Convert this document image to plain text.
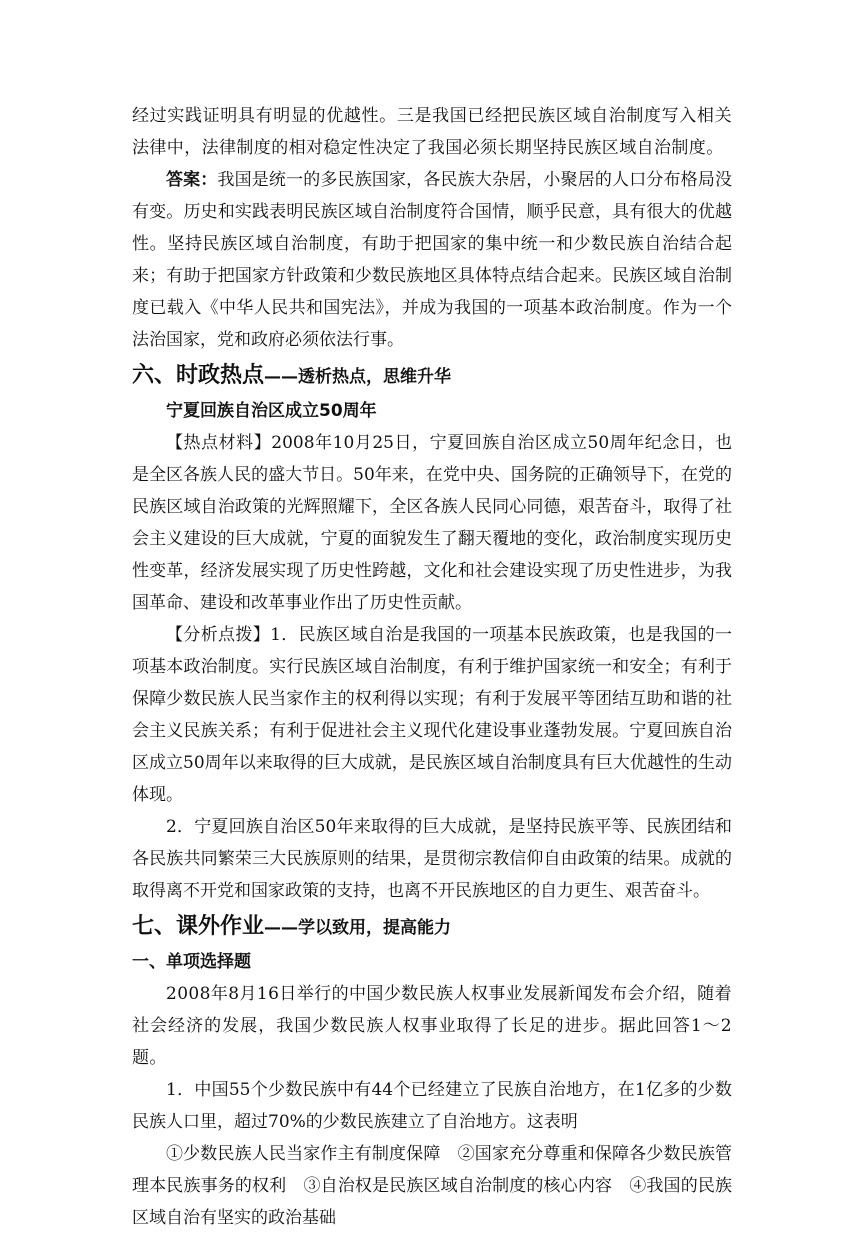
经过实践证明具有明显的优越性。三是我国已经把民族区域自治制度写入相关法律中，法律制度的相对稳定性决定了我国必须长期坚持民族区域自治制度。

答案：我国是统一的多民族国家，各民族大杂居，小聚居的人口分布格局没有变。历史和实践表明民族区域自治制度符合国情，顺乎民意，具有很大的优越性。坚持民族区域自治制度，有助于把国家的集中统一和少数民族自治结合起来；有助于把国家方针政策和少数民族地区具体特点结合起来。民族区域自治制度已载入《中华人民共和国宪法》，并成为我国的一项基本政治制度。作为一个法治国家，党和政府必须依法行事。

六、时政热点——透析热点，思维升华

宁夏回族自治区成立50周年

【热点材料】2008年10月25日，宁夏回族自治区成立50周年纪念日，也是全区各族人民的盛大节日。50年来，在党中央、国务院的正确领导下，在党的民族区域自治政策的光辉照耀下，全区各族人民同心同德，艰苦奋斗，取得了社会主义建设的巨大成就，宁夏的面貌发生了翻天覆地的变化，政治制度实现历史性变革，经济发展实现了历史性跨越，文化和社会建设实现了历史性进步，为我国革命、建设和改革事业作出了历史性贡献。

【分析点拨】1．民族区域自治是我国的一项基本民族政策，也是我国的一项基本政治制度。实行民族区域自治制度，有利于维护国家统一和安全；有利于保障少数民族人民当家作主的权利得以实现；有利于发展平等团结互助和谐的社会主义民族关系；有利于促进社会主义现代化建设事业蓬勃发展。宁夏回族自治区成立50周年以来取得的巨大成就，是民族区域自治制度具有巨大优越性的生动体现。

2．宁夏回族自治区50年来取得的巨大成就，是坚持民族平等、民族团结和各民族共同繁荣三大民族原则的结果，是贯彻宗教信仰自由政策的结果。成就的取得离不开党和国家政策的支持，也离不开民族地区的自力更生、艰苦奋斗。

七、课外作业——学以致用，提高能力

一、单项选择题

2008年8月16日举行的中国少数民族人权事业发展新闻发布会介绍，随着社会经济的发展，我国少数民族人权事业取得了长足的进步。据此回答1～2题。

1．中国55个少数民族中有44个已经建立了民族自治地方，在1亿多的少数民族人口里，超过70%的少数民族建立了自治地方。这表明

①少数民族人民当家作主有制度保障　②国家充分尊重和保障各少数民族管理本民族事务的权利　③自治权是民族区域自治制度的核心内容　④我国的民族区域自治有坚实的政治基础
